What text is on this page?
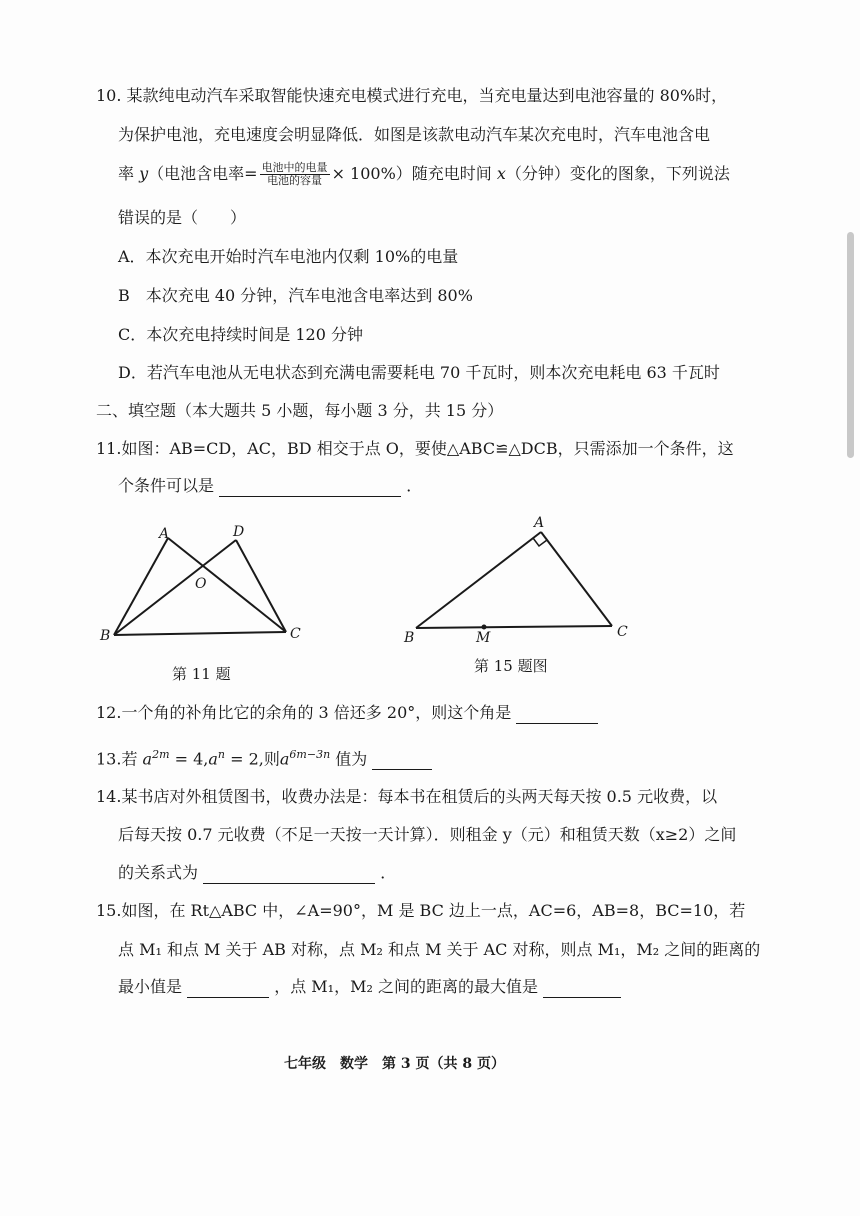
10. 某款纯电动汽车采取智能快速充电模式进行充电，当充电量达到电池容量的 80%时，
为保护电池，充电速度会明显降低．如图是该款电动汽车某次充电时，汽车电池含电
率 y（电池含电率= $\frac{\text{电池中的电量}}{\text{电池的容量}} \times 100\%$）随充电时间 x（分钟）变化的图象，下列说法
错误的是（　　）
A．本次充电开始时汽车电池内仅剩 10%的电量
B　本次充电 40 分钟，汽车电池含电率达到 80%
C．本次充电持续时间是 120 分钟
D．若汽车电池从无电状态到充满电需要耗电 70 千瓦时，则本次充电耗电 63 千瓦时
二、填空题（本大题共 5 小题，每小题 3 分，共 15 分）
11.如图：AB=CD，AC，BD 相交于点 O，要使△ABC≌△DCB，只需添加一个条件，这
个条件可以是	．
A	D
B	C
O
第 11 题
A
B	C
M
第 15 题图
12.一个角的补角比它的余角的 3 倍还多 20°，则这个角是
13.若 $a^{2m} = 4,a^n = 2$,则$a^{6m-3n}$ 值为
14.某书店对外租赁图书，收费办法是：每本书在租赁后的头两天每天按 0.5 元收费，以
后每天按 0.7 元收费（不足一天按一天计算）．则租金 y（元）和租赁天数（x≥2）之间
的关系式为	．
15.如图，在 Rt△ABC 中，∠A=90°，M 是 BC 边上一点，AC=6，AB=8，BC=10，若
点 M₁ 和点 M 关于 AB 对称，点 M₂ 和点 M 关于 AC 对称，则点 M₁，M₂ 之间的距离的
最小值是	，点 M₁，M₂ 之间的距离的最大值是
七年级　数学　第 3 页（共 8 页）
